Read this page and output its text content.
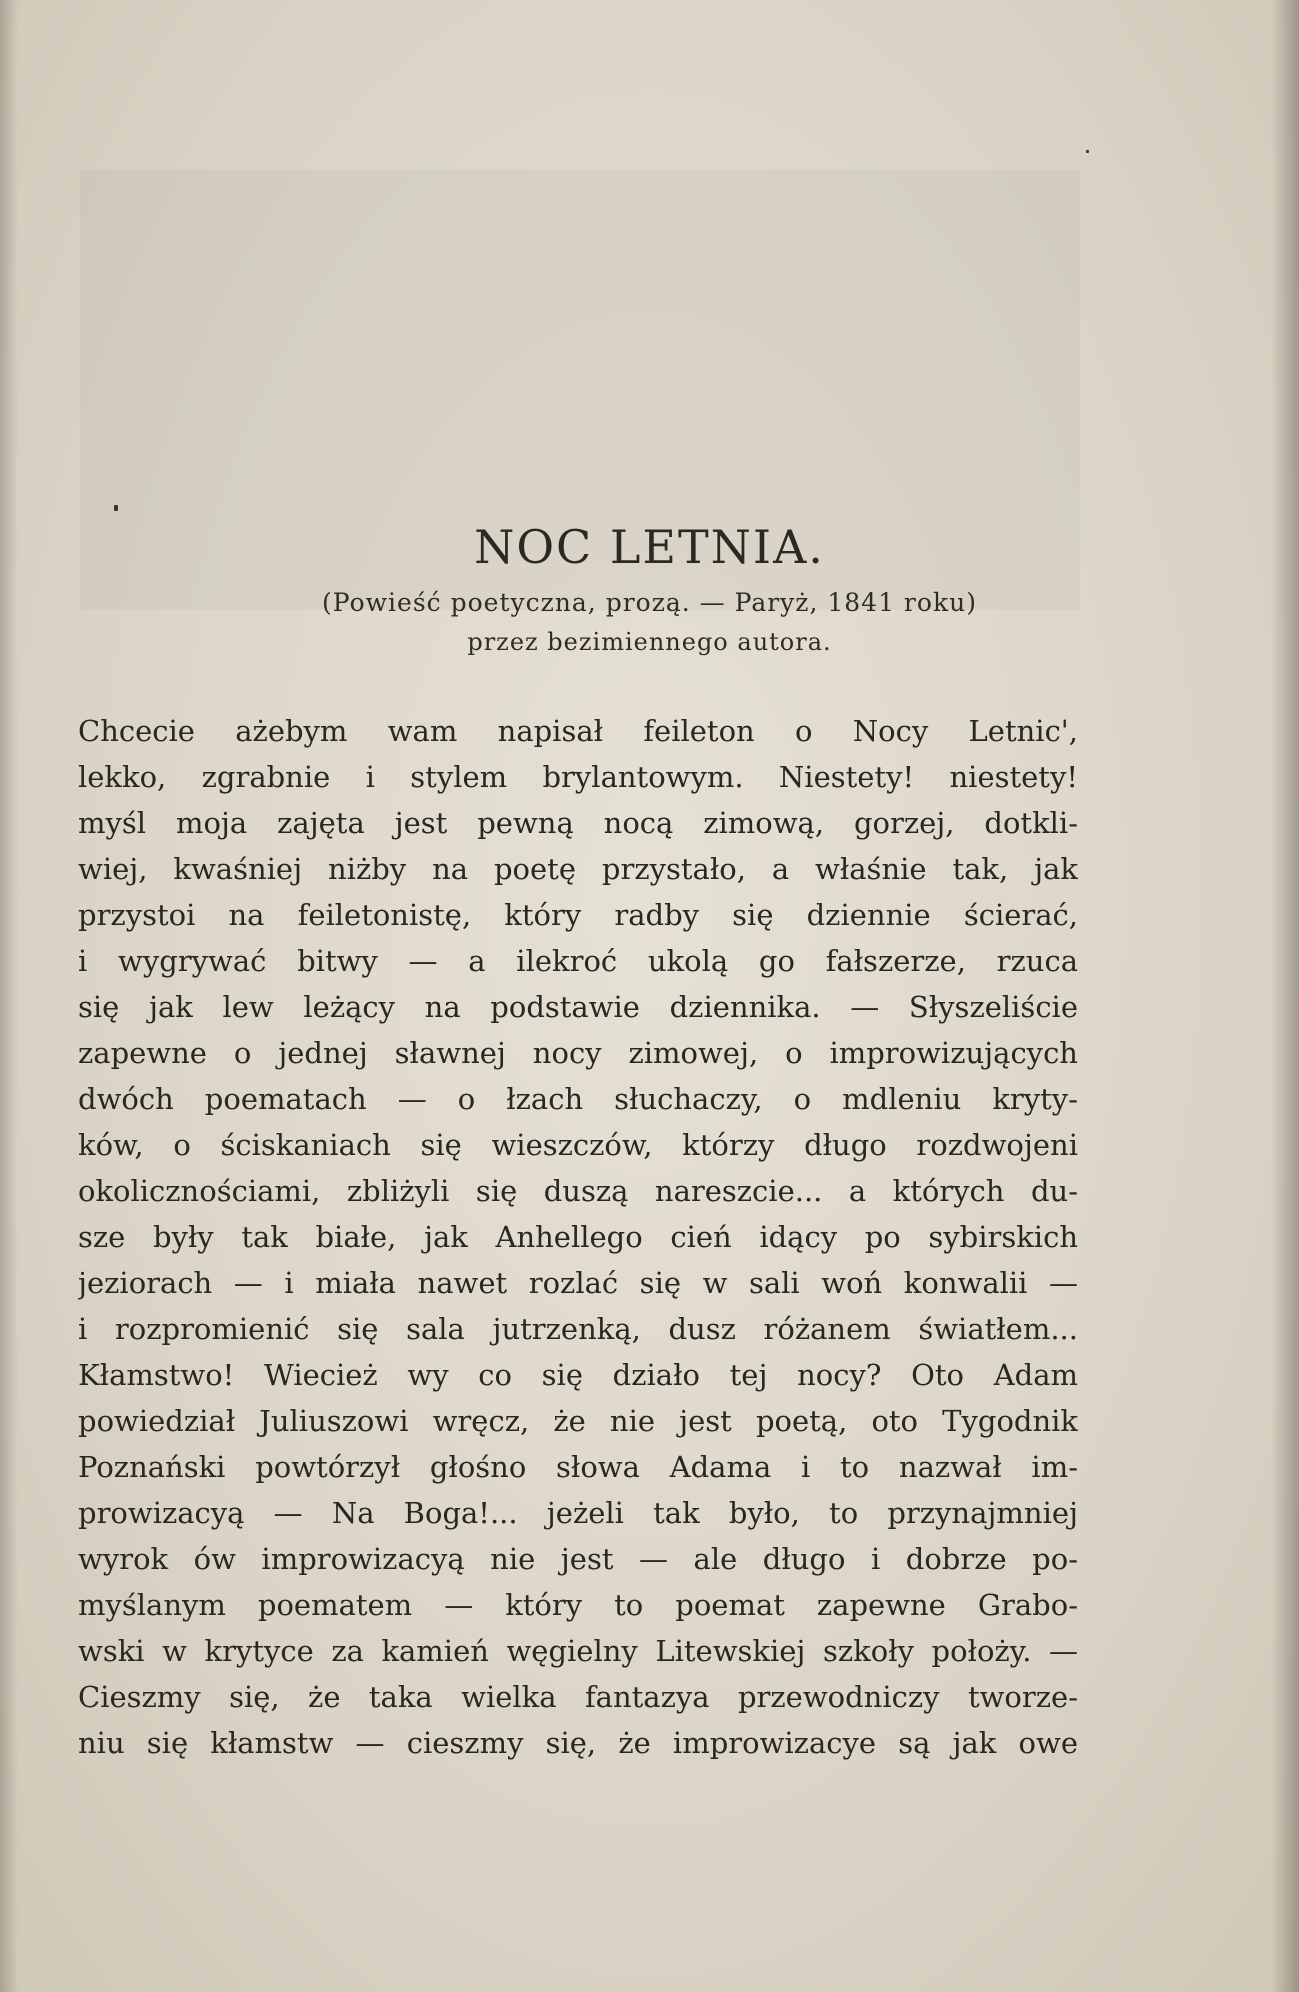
NOC LETNIA.
(Powieść poetyczna, prozą. — Paryż, 1841 roku)
przez bezimiennego autora.
Chcecie ażebym wam napisał feileton o Nocy Letnic',
lekko, zgrabnie i stylem brylantowym. Niestety! niestety!
myśl moja zajęta jest pewną nocą zimową, gorzej, dotkli-
wiej, kwaśniej niżby na poetę przystało, a właśnie tak, jak
przystoi na feiletonistę, który radby się dziennie ścierać,
i wygrywać bitwy — a ilekroć ukolą go fałszerze, rzuca
się jak lew leżący na podstawie dziennika. — Słyszeliście
zapewne o jednej sławnej nocy zimowej, o improwizujących
dwóch poematach — o łzach słuchaczy, o mdleniu kryty-
ków, o ściskaniach się wieszczów, którzy długo rozdwojeni
okolicznościami, zbliżyli się duszą nareszcie... a których du-
sze były tak białe, jak Anhellego cień idący po sybirskich
jeziorach — i miała nawet rozlać się w sali woń konwalii —
i rozpromienić się sala jutrzenką, dusz różanem światłem...
Kłamstwo! Wiecież wy co się działo tej nocy? Oto Adam
powiedział Juliuszowi wręcz, że nie jest poetą, oto Tygodnik
Poznański powtórzył głośno słowa Adama i to nazwał im-
prowizacyą — Na Boga!... jeżeli tak było, to przynajmniej
wyrok ów improwizacyą nie jest — ale długo i dobrze po-
myślanym poematem — który to poemat zapewne Grabo-
wski w krytyce za kamień węgielny Litewskiej szkoły położy. —
Cieszmy się, że taka wielka fantazya przewodniczy tworze-
niu się kłamstw — cieszmy się, że improwizacye są jak owe
